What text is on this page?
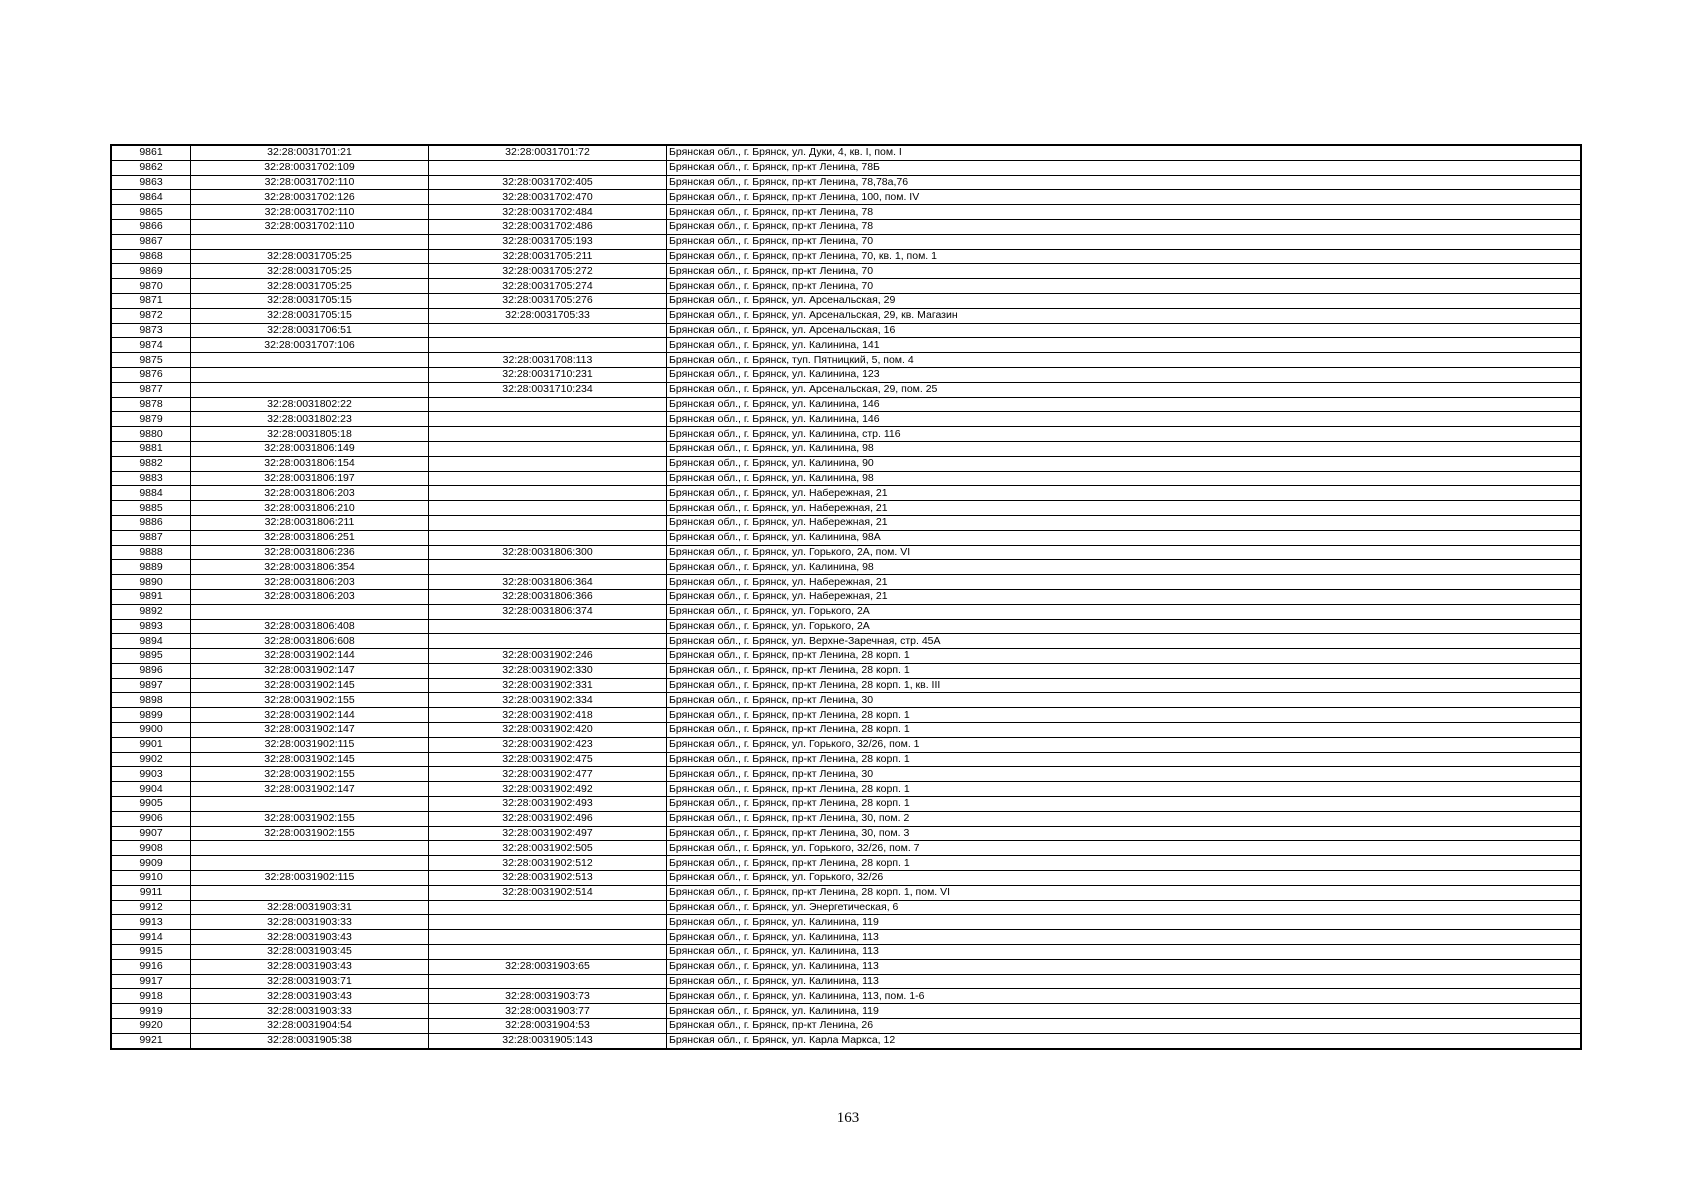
9861	32:28:0031701:21	32:28:0031701:72	Брянская обл., г. Брянск, ул. Дуки, 4, кв. I, пом. I
9862	32:28:0031702:109		Брянская обл., г. Брянск, пр-кт Ленина, 78Б
9863	32:28:0031702:110	32:28:0031702:405	Брянская обл., г. Брянск, пр-кт Ленина, 78,78а,76
9864	32:28:0031702:126	32:28:0031702:470	Брянская обл., г. Брянск, пр-кт Ленина, 100, пом. IV
9865	32:28:0031702:110	32:28:0031702:484	Брянская обл., г. Брянск, пр-кт Ленина, 78
9866	32:28:0031702:110	32:28:0031702:486	Брянская обл., г. Брянск, пр-кт Ленина, 78
9867		32:28:0031705:193	Брянская обл., г. Брянск, пр-кт Ленина, 70
9868	32:28:0031705:25	32:28:0031705:211	Брянская обл., г. Брянск, пр-кт Ленина, 70, кв. 1, пом. 1
9869	32:28:0031705:25	32:28:0031705:272	Брянская обл., г. Брянск, пр-кт Ленина, 70
9870	32:28:0031705:25	32:28:0031705:274	Брянская обл., г. Брянск, пр-кт Ленина, 70
9871	32:28:0031705:15	32:28:0031705:276	Брянская обл., г. Брянск, ул. Арсенальская, 29
9872	32:28:0031705:15	32:28:0031705:33	Брянская обл., г. Брянск, ул. Арсенальская, 29, кв. Магазин
9873	32:28:0031706:51		Брянская обл., г. Брянск, ул. Арсенальская, 16
9874	32:28:0031707:106		Брянская обл., г. Брянск, ул. Калинина, 141
9875		32:28:0031708:113	Брянская обл., г. Брянск, туп. Пятницкий, 5, пом. 4
9876		32:28:0031710:231	Брянская обл., г. Брянск, ул. Калинина, 123
9877		32:28:0031710:234	Брянская обл., г. Брянск, ул. Арсенальская, 29, пом. 25
9878	32:28:0031802:22		Брянская обл., г. Брянск, ул. Калинина, 146
9879	32:28:0031802:23		Брянская обл., г. Брянск, ул. Калинина, 146
9880	32:28:0031805:18		Брянская обл., г. Брянск, ул. Калинина, стр. 116
9881	32:28:0031806:149		Брянская обл., г. Брянск, ул. Калинина, 98
9882	32:28:0031806:154		Брянская обл., г. Брянск, ул. Калинина, 90
9883	32:28:0031806:197		Брянская обл., г. Брянск, ул. Калинина, 98
9884	32:28:0031806:203		Брянская обл., г. Брянск, ул. Набережная, 21
9885	32:28:0031806:210		Брянская обл., г. Брянск, ул. Набережная, 21
9886	32:28:0031806:211		Брянская обл., г. Брянск, ул. Набережная, 21
9887	32:28:0031806:251		Брянская обл., г. Брянск, ул. Калинина, 98А
9888	32:28:0031806:236	32:28:0031806:300	Брянская обл., г. Брянск, ул. Горького, 2А, пом. VI
9889	32:28:0031806:354		Брянская обл., г. Брянск, ул. Калинина, 98
9890	32:28:0031806:203	32:28:0031806:364	Брянская обл., г. Брянск, ул. Набережная, 21
9891	32:28:0031806:203	32:28:0031806:366	Брянская обл., г. Брянск, ул. Набережная, 21
9892		32:28:0031806:374	Брянская обл., г. Брянск, ул. Горького, 2А
9893	32:28:0031806:408		Брянская обл., г. Брянск, ул. Горького, 2А
9894	32:28:0031806:608		Брянская обл., г. Брянск, ул. Верхне-Заречная, стр. 45А
9895	32:28:0031902:144	32:28:0031902:246	Брянская обл., г. Брянск, пр-кт Ленина, 28 корп. 1
9896	32:28:0031902:147	32:28:0031902:330	Брянская обл., г. Брянск, пр-кт Ленина, 28 корп. 1
9897	32:28:0031902:145	32:28:0031902:331	Брянская обл., г. Брянск, пр-кт Ленина, 28 корп. 1, кв. III
9898	32:28:0031902:155	32:28:0031902:334	Брянская обл., г. Брянск, пр-кт Ленина, 30
9899	32:28:0031902:144	32:28:0031902:418	Брянская обл., г. Брянск, пр-кт Ленина, 28 корп. 1
9900	32:28:0031902:147	32:28:0031902:420	Брянская обл., г. Брянск, пр-кт Ленина, 28 корп. 1
9901	32:28:0031902:115	32:28:0031902:423	Брянская обл., г. Брянск, ул. Горького, 32/26, пом. 1
9902	32:28:0031902:145	32:28:0031902:475	Брянская обл., г. Брянск, пр-кт Ленина, 28 корп. 1
9903	32:28:0031902:155	32:28:0031902:477	Брянская обл., г. Брянск, пр-кт Ленина, 30
9904	32:28:0031902:147	32:28:0031902:492	Брянская обл., г. Брянск, пр-кт Ленина, 28 корп. 1
9905		32:28:0031902:493	Брянская обл., г. Брянск, пр-кт Ленина, 28 корп. 1
9906	32:28:0031902:155	32:28:0031902:496	Брянская обл., г. Брянск, пр-кт Ленина, 30, пом. 2
9907	32:28:0031902:155	32:28:0031902:497	Брянская обл., г. Брянск, пр-кт Ленина, 30, пом. 3
9908		32:28:0031902:505	Брянская обл., г. Брянск, ул. Горького, 32/26, пом. 7
9909		32:28:0031902:512	Брянская обл., г. Брянск, пр-кт Ленина, 28 корп. 1
9910	32:28:0031902:115	32:28:0031902:513	Брянская обл., г. Брянск, ул. Горького, 32/26
9911		32:28:0031902:514	Брянская обл., г. Брянск, пр-кт Ленина, 28 корп. 1, пом. VI
9912	32:28:0031903:31		Брянская обл., г. Брянск, ул. Энергетическая, 6
9913	32:28:0031903:33		Брянская обл., г. Брянск, ул. Калинина, 119
9914	32:28:0031903:43		Брянская обл., г. Брянск, ул. Калинина, 113
9915	32:28:0031903:45		Брянская обл., г. Брянск, ул. Калинина, 113
9916	32:28:0031903:43	32:28:0031903:65	Брянская обл., г. Брянск, ул. Калинина, 113
9917	32:28:0031903:71		Брянская обл., г. Брянск, ул. Калинина, 113
9918	32:28:0031903:43	32:28:0031903:73	Брянская обл., г. Брянск, ул. Калинина, 113, пом. 1-6
9919	32:28:0031903:33	32:28:0031903:77	Брянская обл., г. Брянск, ул. Калинина, 119
9920	32:28:0031904:54	32:28:0031904:53	Брянская обл., г. Брянск, пр-кт Ленина, 26
9921	32:28:0031905:38	32:28:0031905:143	Брянская обл., г. Брянск, ул. Карла Маркса, 12
163
